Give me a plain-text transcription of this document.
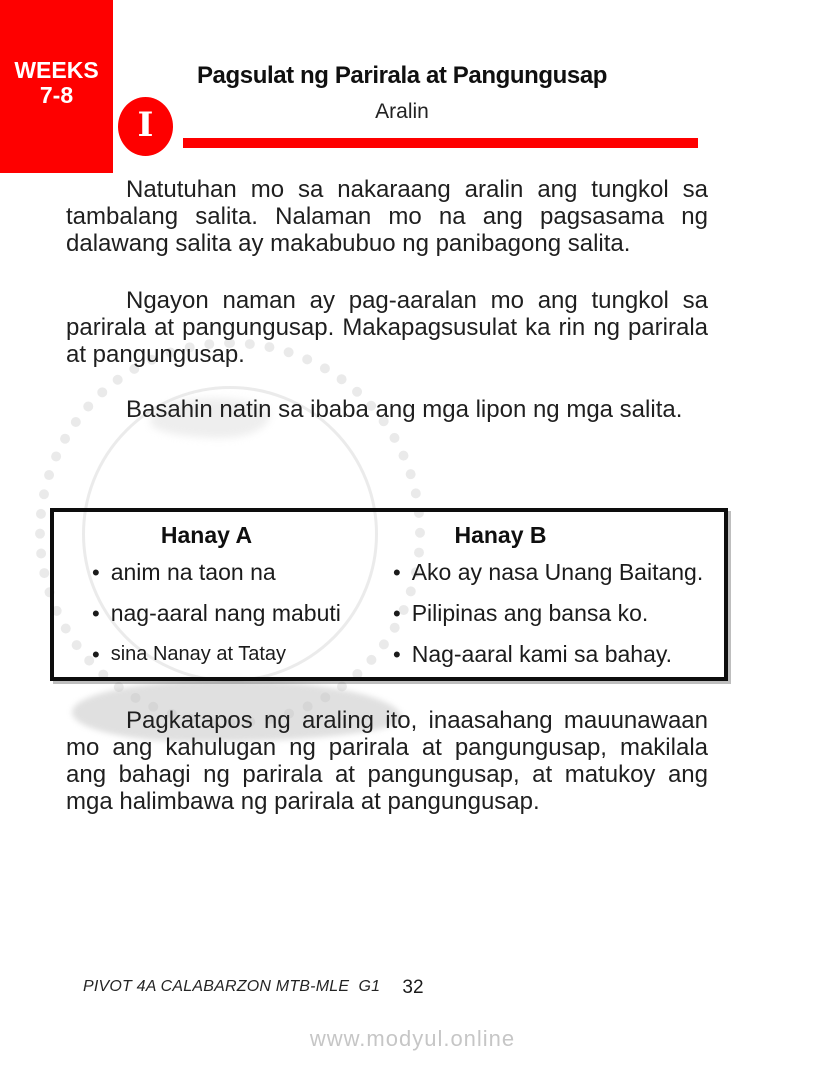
WEEKS
7-8
Pagsulat ng Parirala at Pangungusap
Aralin
I

Natutuhan mo sa nakaraang aralin ang tungkol sa tambalang salita. Nalaman mo na ang pagsasama ng dalawang salita ay makabubuo ng panibagong salita.

Ngayon naman ay pag-aaralan mo ang tungkol sa parirala at pangungusap. Makapagsusulat ka rin ng parirala at pangungusap.

Basahin natin sa ibaba ang mga lipon ng mga salita.

Hanay A
• anim na taon na
• nag-aaral nang mabuti
• sina Nanay at Tatay
Hanay B
• Ako ay nasa Unang Baitang.
• Pilipinas ang bansa ko.
• Nag-aaral kami sa bahay.

Pagkatapos ng araling ito, inaasahang mauunawaan mo ang kahulugan ng parirala at pangungusap, makilala ang bahagi ng parirala at pangungusap, at matukoy ang mga halimbawa ng parirala at pangungusap.

PIVOT 4A CALABARZON MTB-MLE  G1	32
www.modyul.online
